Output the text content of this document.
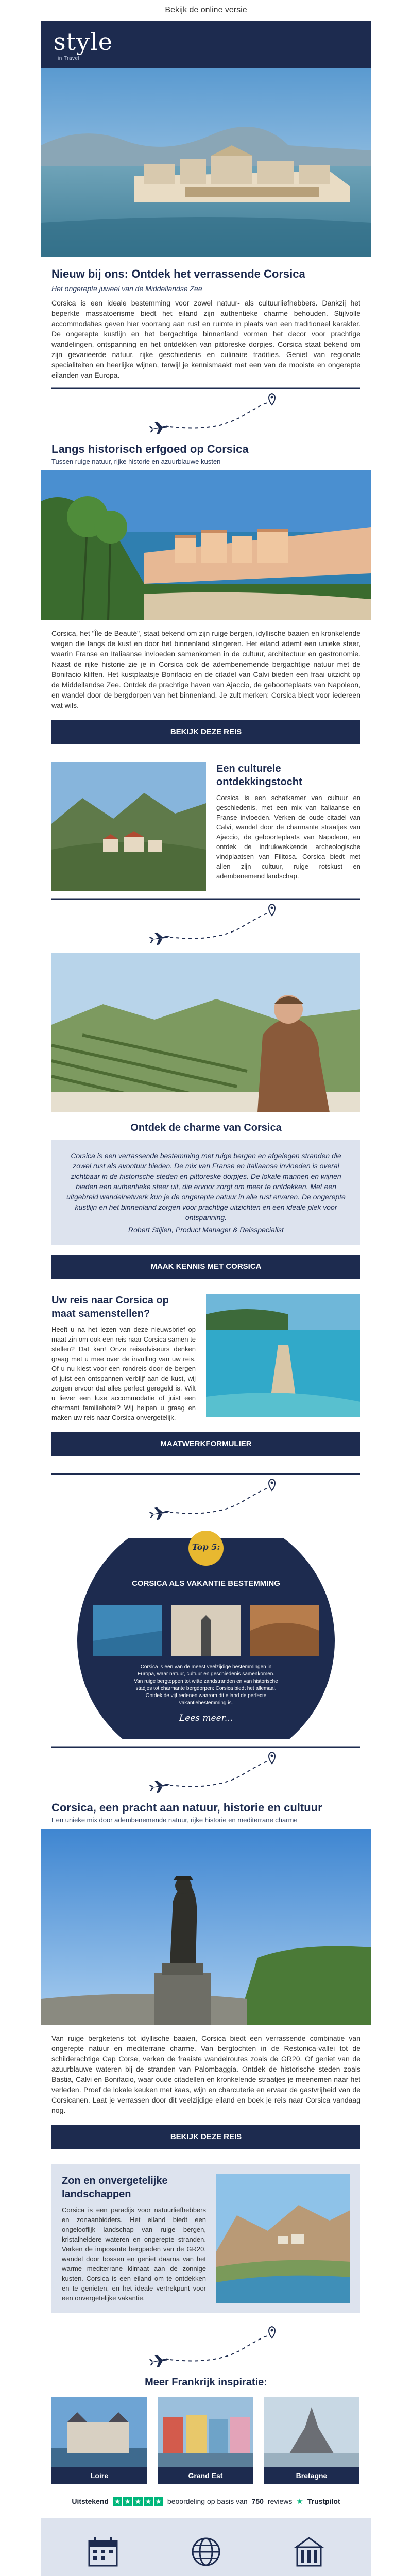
Bekijk de online versie
style
in Travel
Nieuw bij ons: Ontdek het verrassende Corsica

Het ongerepte juweel van de Middellandse Zee

Corsica is een ideale bestemming voor zowel natuur- als cultuurliefhebbers. Dankzij het beperkte massatoerisme biedt het eiland zijn authentieke charme behouden. Stijlvolle accommodaties geven hier voorrang aan rust en ruimte in plaats van een traditioneel karakter. De ongerepte kustlijn en het bergachtige binnenland vormen het decor voor prachtige wandelingen, ontspanning en het ontdekken van pittoreske dorpjes. Corsica staat bekend om zijn gevarieerde natuur, rijke geschiedenis en culinaire tradities. Geniet van regionale specialiteiten en heerlijke wijnen, terwijl je kennismaakt met een van de mooiste en ongerepte eilanden van Europa.

Langs historisch erfgoed op Corsica

Tussen ruige natuur, rijke historie en azuurblauwe kusten

Corsica, het "Île de Beauté", staat bekend om zijn ruige bergen, idyllische baaien en kronkelende wegen die langs de kust en door het binnenland slingeren. Het eiland ademt een unieke sfeer, waarin Franse en Italiaanse invloeden samenkomen in de cultuur, architectuur en gastronomie. Naast de rijke historie zie je in Corsica ook de adembenemende bergachtige natuur met de Bonifacio kliffen. Het kustplaatsje Bonifacio en de citadel van Calvi bieden een fraai uitzicht op de Middellandse Zee. Ontdek de prachtige haven van Ajaccio, de geboorteplaats van Napoleon, en wandel door de bergdorpen van het binnenland. Je zult merken: Corsica biedt voor iedereen wat wils.

BEKIJK DEZE REIS
Een culturele ontdekkingstocht

Corsica is een schatkamer van cultuur en geschiedenis, met een mix van Italiaanse en Franse invloeden. Verken de oude citadel van Calvi, wandel door de charmante straatjes van Ajaccio, de geboorteplaats van Napoleon, en ontdek de indrukwekkende archeologische vindplaatsen van Filitosa. Corsica biedt met allen zijn cultuur, ruige rotskust en adembenemend landschap.

Ontdek de charme van Corsica

Corsica is een verrassende bestemming met ruige bergen en afgelegen stranden die zowel rust als avontuur bieden. De mix van Franse en Italiaanse invloeden is overal zichtbaar in de historische steden en pittoreske dorpjes. De lokale mannen en wijnen bieden een authentieke sfeer uit, die ervoor zorgt om meer te ontdekken. Met een uitgebreid wandelnetwerk kun je de ongerepte natuur in alle rust ervaren. De ongerepte kustlijn en het binnenland zorgen voor prachtige uitzichten en een ideale plek voor ontspanning.

Robert Stijlen, Product Manager & Reisspecialist

MAAK KENNIS MET CORSICA
Uw reis naar Corsica op maat samenstellen?

Heeft u na het lezen van deze nieuwsbrief op maat zin om ook een reis naar Corsica samen te stellen? Dat kan! Onze reisadviseurs denken graag met u mee over de invulling van uw reis. Of u nu kiest voor een rondreis door de bergen of juist een ontspannen verblijf aan de kust, wij zorgen ervoor dat alles perfect geregeld is. Wilt u liever een luxe accommodatie of juist een charmant familiehotel? Wij helpen u graag en maken uw reis naar Corsica onvergetelijk.

MAATWERKFORMULIER
Top 5:
CORSICA ALS VAKANTIE BESTEMMING
Corsica is een van de meest veelzijdige bestemmingen in Europa, waar natuur, cultuur en geschiedenis samenkomen. Van ruige bergtoppen tot witte zandstranden en van historische stadjes tot charmante bergdorpen: Corsica biedt het allemaal. Ontdek de vijf redenen waarom dit eiland de perfecte vakantiebestemming is.
Lees meer...
Corsica, een pracht aan natuur, historie en cultuur

Een unieke mix door adembenemende natuur, rijke historie en mediterrane charme

Van ruige bergketens tot idyllische baaien, Corsica biedt een verrassende combinatie van ongerepte natuur en mediterrane charme. Van bergtochten in de Restonica-vallei tot de schilderachtige Cap Corse, verken de fraaiste wandelroutes zoals de GR20. Of geniet van de azuurblauwe wateren bij de stranden van Palombaggia. Ontdek de historische steden zoals Bastia, Calvi en Bonifacio, waar oude citadellen en kronkelende straatjes je meenemen naar het verleden. Proef de lokale keuken met kaas, wijn en charcuterie en ervaar de gastvrijheid van de Corsicanen. Laat je verrassen door dit veelzijdige eiland en boek je reis naar Corsica vandaag nog.

BEKIJK DEZE REIS
Zon en onvergetelijke landschappen

Corsica is een paradijs voor natuurliefhebbers en zonaanbidders. Het eiland biedt een ongelooflijk landschap van ruige bergen, kristalheldere wateren en ongerepte stranden. Verken de imposante bergpaden van de GR20, wandel door bossen en geniet daarna van het warme mediterrane klimaat aan de zonnige kusten. Corsica is een eiland om te ontdekken en te genieten, en het ideale vertrekpunt voor een onvergetelijke vakantie.

Meer Frankrijk inspiratie:
Loire	Grand Est	Bretagne
Uitstekend ★ ★ ★ ★ ★ beoordeling op basis van 750 reviews ★ Trustpilot
